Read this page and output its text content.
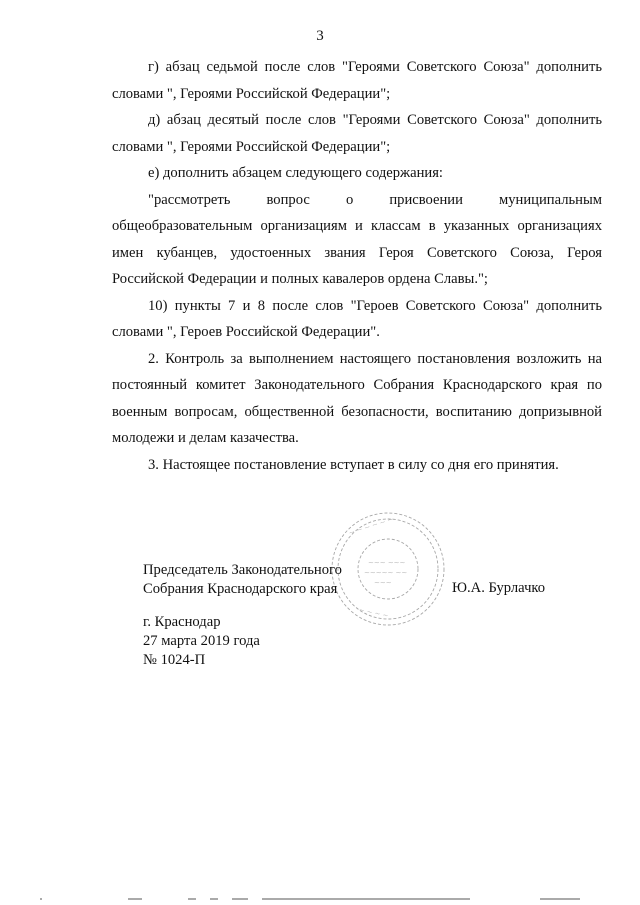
3

г) абзац седьмой после слов "Героями Советского Союза" дополнить словами ", Героями Российской Федерации";

д) абзац десятый после слов "Героями Советского Союза" дополнить словами ", Героями Российской Федерации";

е) дополнить абзацем следующего содержания:

"рассмотреть вопрос о присвоении муниципальным общеобразовательным организациям и классам в указанных организациях имен кубанцев, удостоенных звания Героя Советского Союза, Героя Российской Федерации и полных кавалеров ордена Славы.";

10) пункты 7 и 8 после слов "Героев Советского Союза" дополнить словами ", Героев Российской Федерации".

2. Контроль за выполнением настоящего постановления возложить на постоянный комитет Законодательного Собрания Краснодарского края по военным вопросам, общественной безопасности, воспитанию допризывной молодежи и делам казачества.

3. Настоящее постановление вступает в силу со дня его принятия.

~ ~ ~ ~ ~ ~
~~~ ~~~
~~~~~ ~~
~~~
~ ~ ~ ~
Председатель Законодательного
Собрания Краснодарского края	Ю.А. Бурлачко
г. Краснодар
27 марта 2019 года
№ 1024-П
